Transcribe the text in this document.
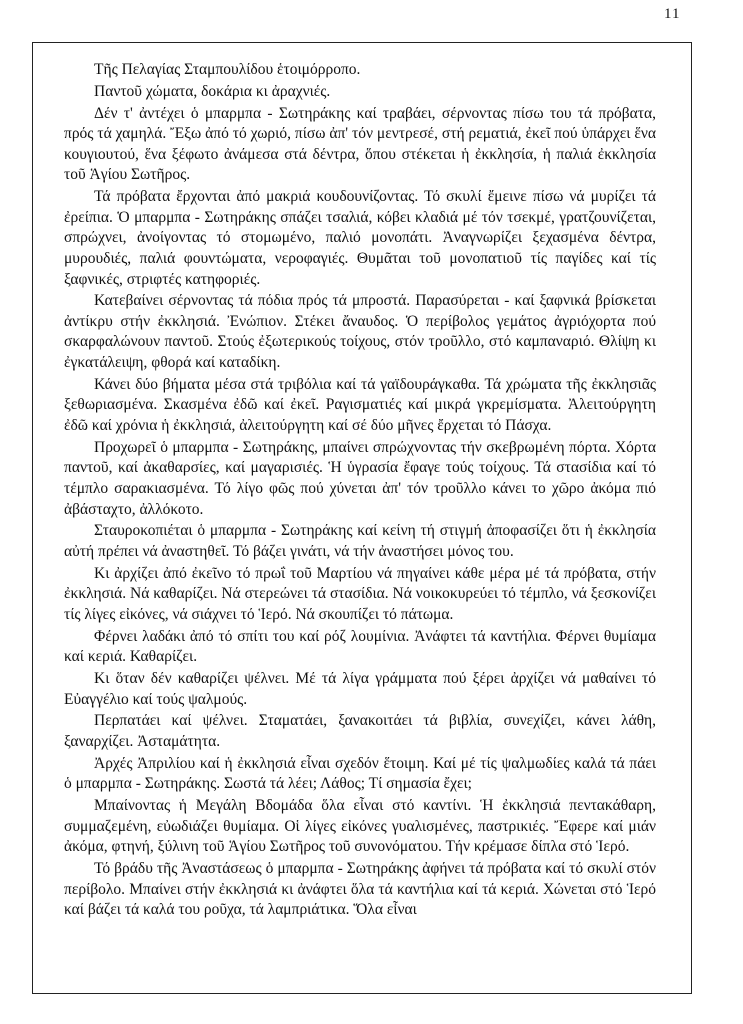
11

Τῆς Πελαγίας Σταμπουλίδου ἑτοιμόρροπο.

Παντοῦ χώματα, δοκάρια κι ἀραχνιές.

Δέν τ' ἀντέχει ὁ μπαρμπα - Σωτηράκης καί τραβάει, σέρνοντας πίσω του τά πρόβατα, πρός τά χαμηλά. Ἔξω ἀπό τό χωριό, πίσω ἀπ' τόν μεντρεσέ, στή ρεματιά, ἐκεῖ πού ὑπάρχει ἕνα κουγιουτού, ἕνα ξέφωτο ἀνάμεσα στά δέντρα, ὅπου στέκεται ἡ ἐκκλησία, ἡ παλιά ἐκκλησία τοῦ Ἁγίου Σωτῆρος.

Τά πρόβατα ἔρχονται ἀπό μακριά κουδουνίζοντας. Τό σκυλί ἔμεινε πίσω νά μυρίζει τά ἐρείπια. Ὁ μπαρμπα - Σωτηράκης σπάζει τσαλιά, κόβει κλαδιά μέ τόν τσεκμέ, γρατζουνίζεται, σπρώχνει, ἀνοίγοντας τό στομωμένο, παλιό μονοπάτι. Ἀναγνωρίζει ξεχασμένα δέντρα, μυρουδιές, παλιά φουντώματα, νεροφαγιές. Θυμᾶται τοῦ μονοπατιοῦ τίς παγίδες καί τίς ξαφνικές, στριφτές κατηφοριές.

Κατεβαίνει σέρνοντας τά πόδια πρός τά μπροστά. Παρασύρεται - καί ξαφνικά βρίσκεται ἀντίκρυ στήν ἐκκλησιά. Ἐνώπιον. Στέκει ἄναυδος. Ὁ περίβολος γεμάτος ἀγριόχορτα πού σκαρφαλώνουν παντοῦ. Στούς ἐξωτερικούς τοίχους, στόν τροῦλλο, στό καμπαναριό. Θλίψη κι ἐγκατάλειψη, φθορά καί καταδίκη.

Κάνει δύο βήματα μέσα στά τριβόλια καί τά γαϊδουράγκαθα. Τά χρώματα τῆς ἐκκλησιᾶς ξεθωριασμένα. Σκασμένα ἐδῶ καί ἐκεῖ. Ραγισματιές καί μικρά γκρεμίσματα. Ἀλειτούργητη ἐδῶ καί χρόνια ἡ ἐκκλησιά, ἀλειτούργητη καί σέ δύο μῆνες ἔρχεται τό Πάσχα.

Προχωρεῖ ὁ μπαρμπα - Σωτηράκης, μπαίνει σπρώχνοντας τήν σκεβρωμένη πόρτα. Χόρτα παντοῦ, καί ἀκαθαρσίες, καί μαγαρισιές. Ἡ ὑγρασία ἔφαγε τούς τοίχους. Τά στασίδια καί τό τέμπλο σαρακιασμένα. Τό λίγο φῶς πού χύνεται ἀπ' τόν τροῦλλο κάνει το χῶρο ἀκόμα πιό ἀβάσταχτο, ἀλλόκοτο.

Σταυροκοπιέται ὁ μπαρμπα - Σωτηράκης καί κείνη τή στιγμή ἀποφασίζει ὅτι ἡ ἐκκλησία αὐτή πρέπει νά ἀναστηθεῖ. Τό βάζει γινάτι, νά τήν ἀναστήσει μόνος του.

Κι ἀρχίζει ἀπό ἐκεῖνο τό πρωΐ τοῦ Μαρτίου νά πηγαίνει κάθε μέρα μέ τά πρόβατα, στήν ἐκκλησιά. Νά καθαρίζει. Νά στερεώνει τά στασίδια. Νά νοικοκυρεύει τό τέμπλο, νά ξεσκονίζει τίς λίγες εἰκόνες, νά σιάχνει τό Ἱερό. Νά σκουπίζει τό πάτωμα.

Φέρνει λαδάκι ἀπό τό σπίτι του καί ρόζ λουμίνια. Ἀνάφτει τά καντήλια. Φέρνει θυμίαμα καί κεριά. Καθαρίζει.

Κι ὅταν δέν καθαρίζει ψέλνει. Μέ τά λίγα γράμματα πού ξέρει ἀρχίζει νά μαθαίνει τό Εὐαγγέλιο καί τούς ψαλμούς.

Περπατάει καί ψέλνει. Σταματάει, ξανακοιτάει τά βιβλία, συνεχίζει, κάνει λάθη, ξαναρχίζει. Ἀσταμάτητα.

Ἀρχές Ἀπριλίου καί ἡ ἐκκλησιά εἶναι σχεδόν ἕτοιμη. Καί μέ τίς ψαλμωδίες καλά τά πάει ὁ μπαρμπα - Σωτηράκης. Σωστά τά λέει; Λάθος; Τί σημασία ἔχει;

Μπαίνοντας ἡ Μεγάλη Βδομάδα ὅλα εἶναι στό καντίνι. Ἡ ἐκκλησιά πεντακάθαρη, συμμαζεμένη, εὐωδιάζει θυμίαμα. Οἱ λίγες εἰκόνες γυαλισμένες, παστρικιές. Ἔφερε καί μιάν ἀκόμα, φτηνή, ξύλινη τοῦ Ἁγίου Σωτῆρος τοῦ συνονόματου. Τήν κρέμασε δίπλα στό Ἱερό.

Τό βράδυ τῆς Ἀναστάσεως ὁ μπαρμπα - Σωτηράκης ἀφήνει τά πρόβατα καί τό σκυλί στόν περίβολο. Μπαίνει στήν ἐκκλησιά κι ἀνάφτει ὅλα τά καντήλια καί τά κεριά. Χώνεται στό Ἱερό καί βάζει τά καλά του ροῦχα, τά λαμπριάτικα. Ὅλα εἶναι
